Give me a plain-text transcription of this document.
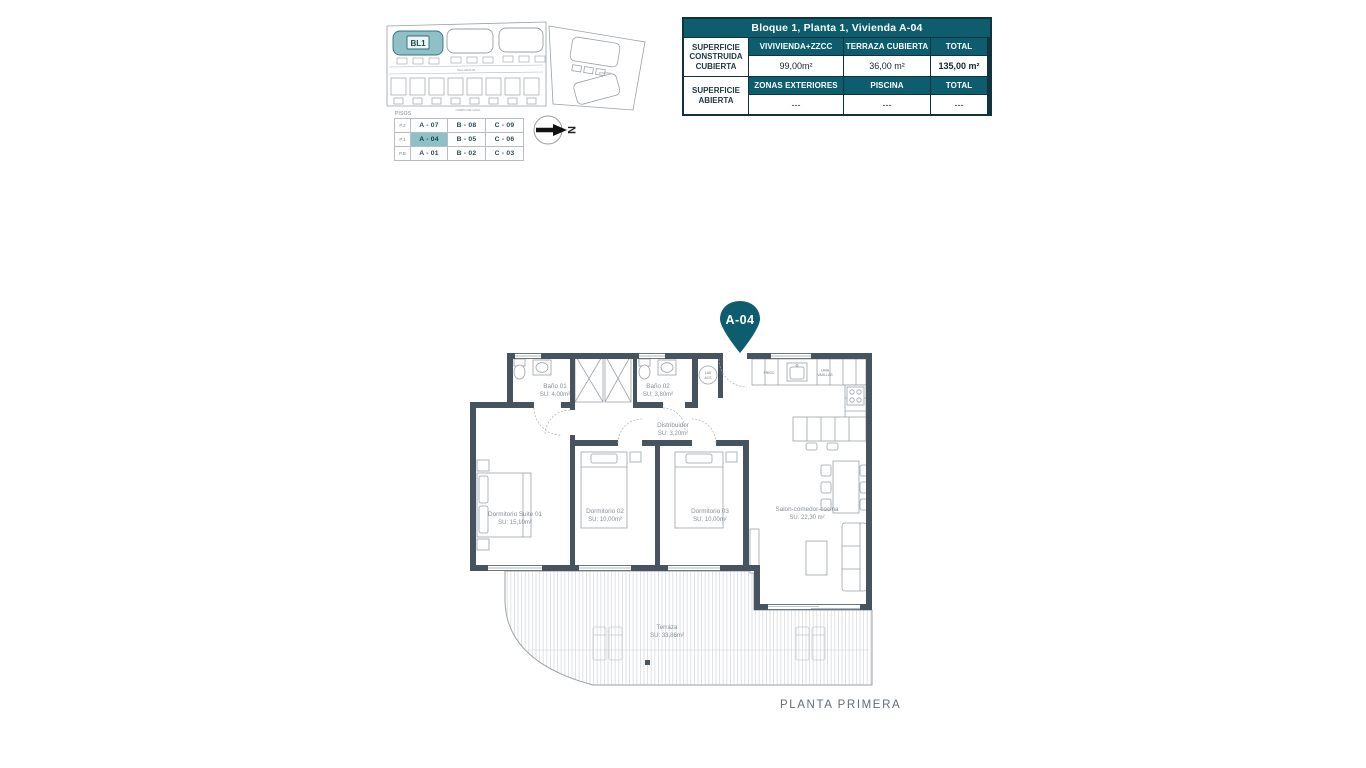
BL1
VALLADOLID
CAMPO DE GOLF
PISCINA
PISOS
P.2	A - 07	B - 08	C - 09
P.1	A - 04	B - 05	C - 06
P.B	A - 01	B - 02	C - 03
N
Bloque 1, Planta 1, Vivienda A-04
SUPERFICIE CONSTRUIDA CUBIERTA
VIVIVIENDA+ZZCC	TERRAZA CUBIERTA	TOTAL
99,00m²	36,00 m²	135,00 m²
SUPERFICIE ABIERTA
ZONAS EXTERIORES	PISCINA	TOTAL
---	---	---
A-04
LAV
ACS
FRIGO
LAVA
VAJILLAS
Baño 01
SU: 4,00m²
Baño 02
SU: 3,80m²
Distribuidor
SU: 3,20m²
Dormitorio Suite 01
SU: 15,10m²
Dormitorio 02
SU: 10,00m²
Dormitorio 03
SU: 10,00m²
Salon-comedor-cocina
SU: 22,30 m²
Terraza
SU: 33,86m²
PLANTA PRIMERA
